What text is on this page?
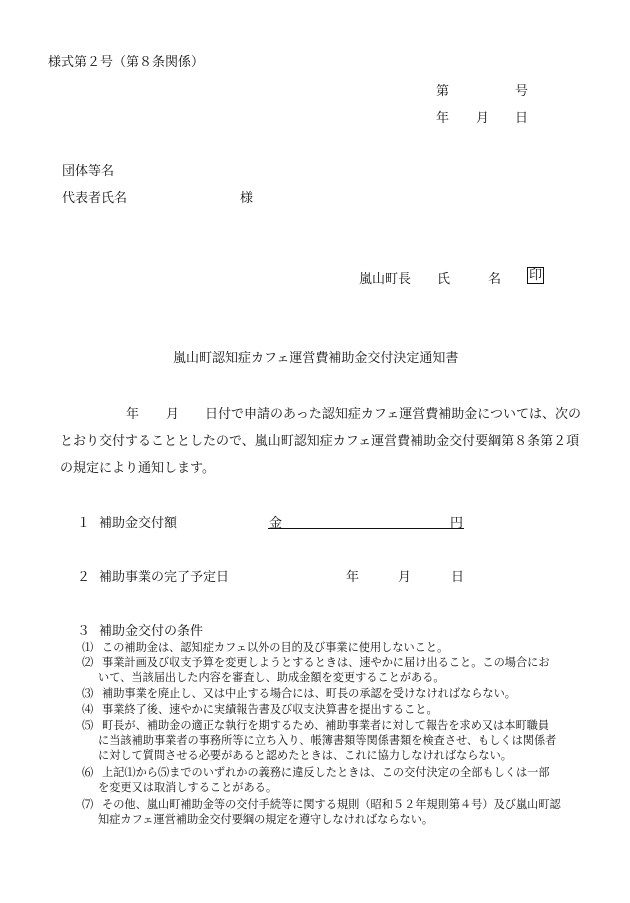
様式第２号（第８条関係）
第	号
年 月 日
団体等名
代表者氏名	様
嵐山町長 氏	名 印
嵐山町認知症カフェ運営費補助金交付決定通知書
年 月 日付で申請のあった認知症カフェ運営費補助金については、次の
とおり交付することとしたので、嵐山町認知症カフェ運営費補助金交付要綱第８条第２項
の規定により通知します。
１ 補助金交付額	金	円
２ 補助事業の完了予定日	年	月	日
３ 補助金交付の条件
⑴ この補助金は、認知症カフェ以外の目的及び事業に使用しないこと。
⑵ 事業計画及び収支予算を変更しようとするときは、速やかに届け出ること。この場合にお
いて、当該届出した内容を審査し、助成金額を変更することがある。
⑶ 補助事業を廃止し、又は中止する場合には、町長の承認を受けなければならない。
⑷ 事業終了後、速やかに実績報告書及び収支決算書を提出すること。
⑸ 町長が、補助金の適正な執行を期するため、補助事業者に対して報告を求め又は本町職員
に当該補助事業者の事務所等に立ち入り、帳簿書類等関係書類を検査させ、もしくは関係者
に対して質問させる必要があると認めたときは、これに協力しなければならない。
⑹ 上記⑴から⑸までのいずれかの義務に違反したときは、この交付決定の全部もしくは一部
を変更又は取消しすることがある。
⑺ その他、嵐山町補助金等の交付手続等に関する規則（昭和５２年規則第４号）及び嵐山町認
知症カフェ運営補助金交付要綱の規定を遵守しなければならない。
